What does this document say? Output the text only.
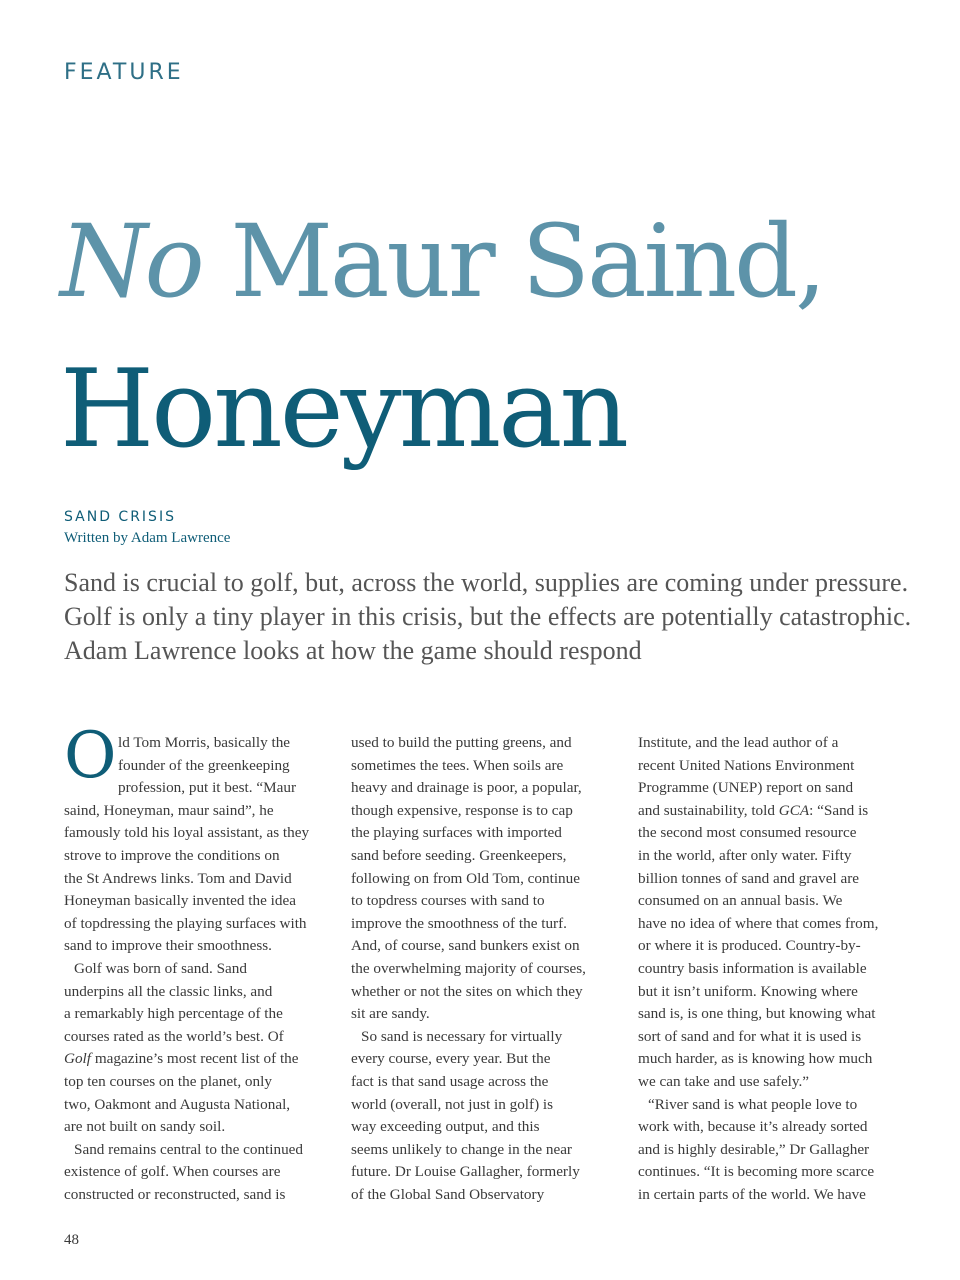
FEATURE
No Maur Saind,
Honeyman
SAND CRISIS
Written by Adam Lawrence
Sand is crucial to golf, but, across the world, supplies are coming under pressure. Golf is only a tiny player in this crisis, but the effects are potentially catastrophic. Adam Lawrence looks at how the game should respond
O ld Tom Morris, basically the
founder of the greenkeeping
profession, put it best. “Maur

saind, Honeyman, maur saind”, he

famously told his loyal assistant, as they

strove to improve the conditions on

the St Andrews links. Tom and David

Honeyman basically invented the idea

of topdressing the playing surfaces with

sand to improve their smoothness.

Golf was born of sand. Sand

underpins all the classic links, and

a remarkably high percentage of the

courses rated as the world’s best. Of

Golf magazine’s most recent list of the

top ten courses on the planet, only

two, Oakmont and Augusta National,

are not built on sandy soil.

Sand remains central to the continued

existence of golf. When courses are

constructed or reconstructed, sand is

used to build the putting greens, and

sometimes the tees. When soils are

heavy and drainage is poor, a popular,

though expensive, response is to cap

the playing surfaces with imported

sand before seeding. Greenkeepers,

following on from Old Tom, continue

to topdress courses with sand to

improve the smoothness of the turf.

And, of course, sand bunkers exist on

the overwhelming majority of courses,

whether or not the sites on which they

sit are sandy.

So sand is necessary for virtually

every course, every year. But the

fact is that sand usage across the

world (overall, not just in golf) is

way exceeding output, and this

seems unlikely to change in the near

future. Dr Louise Gallagher, formerly

of the Global Sand Observatory

Institute, and the lead author of a

recent United Nations Environment

Programme (UNEP) report on sand

and sustainability, told GCA: “Sand is

the second most consumed resource

in the world, after only water. Fifty

billion tonnes of sand and gravel are

consumed on an annual basis. We

have no idea of where that comes from,

or where it is produced. Country-by-

country basis information is available

but it isn’t uniform. Knowing where

sand is, is one thing, but knowing what

sort of sand and for what it is used is

much harder, as is knowing how much

we can take and use safely.”

“River sand is what people love to

work with, because it’s already sorted

and is highly desirable,” Dr Gallagher

continues. “It is becoming more scarce

in certain parts of the world. We have

48
